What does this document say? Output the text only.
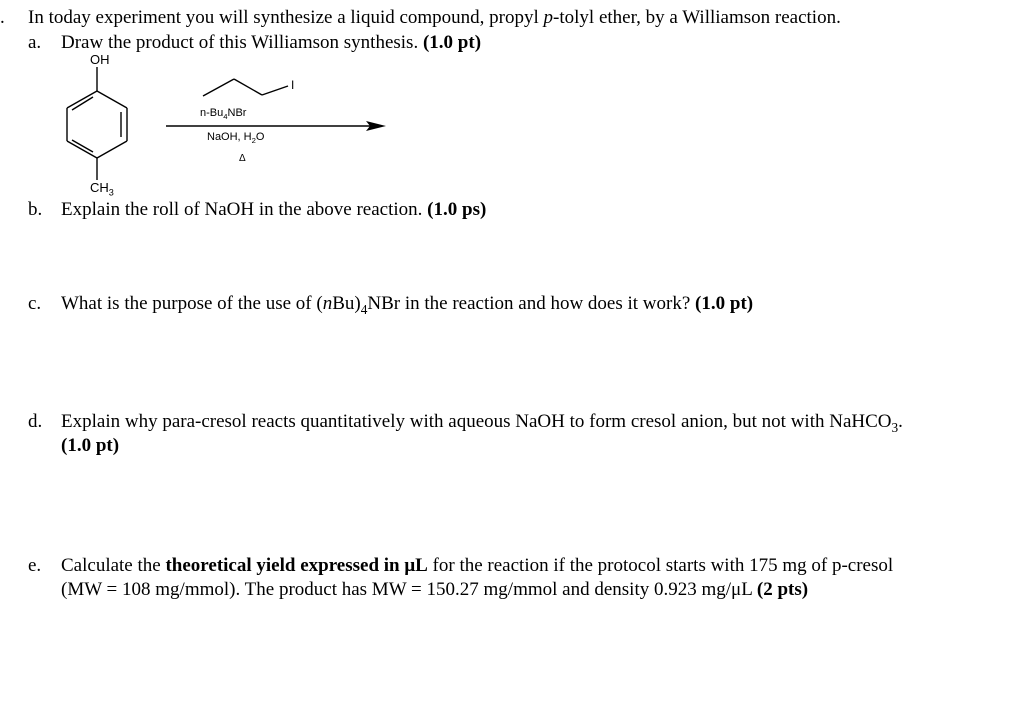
. In today experiment you will synthesize a liquid compound, propyl p-tolyl ether, by a Williamson reaction.
a. Draw the product of this Williamson synthesis. (1.0 pt)
OH
$CH_3$
I
$n-Bu_4NBr$
NaOH, $H_2O$
Δ
b. Explain the roll of NaOH in the above reaction. (1.0 ps)
c. What is the purpose of the use of $(nBu)_4NBr$ in the reaction and how does it work? (1.0 pt)
d. Explain why para-cresol reacts quantitatively with aqueous NaOH to form cresol anion, but not with NaHCO$_3$.
(1.0 pt)
e. Calculate the theoretical yield expressed in μL for the reaction if the protocol starts with 175 mg of p-cresol
(MW = 108 mg/mmol). The product has MW = 150.27 mg/mmol and density 0.923 mg/μL (2 pts)
